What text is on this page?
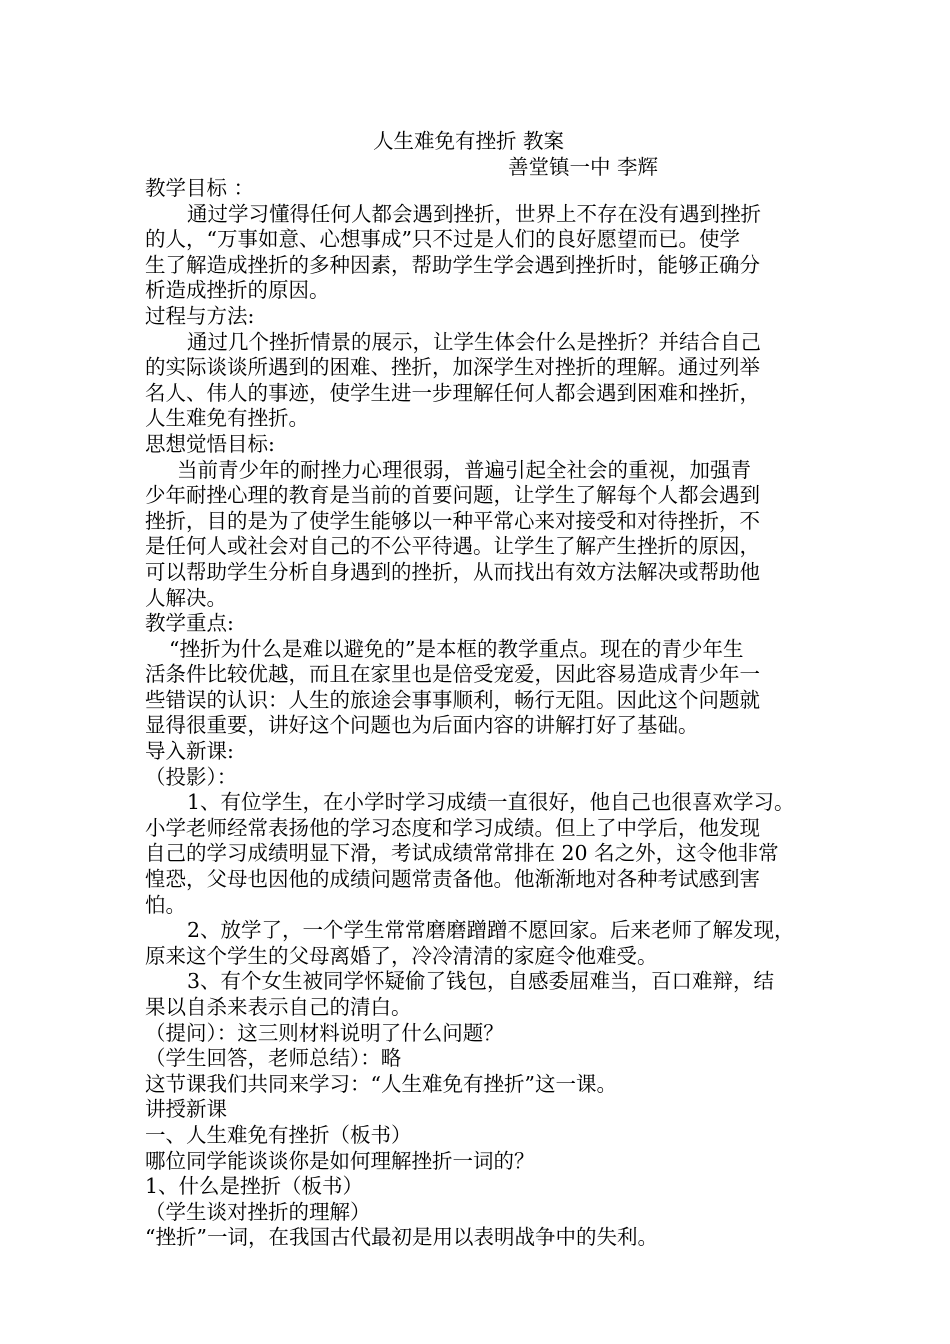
人生难免有挫折 教案
善堂镇一中 李辉
教学目标 ：
通过学习懂得任何人都会遇到挫折，世界上不存在没有遇到挫折
的人，“万事如意、心想事成”只不过是人们的良好愿望而已。使学
生了解造成挫折的多种因素，帮助学生学会遇到挫折时，能够正确分
析造成挫折的原因。
过程与方法:
通过几个挫折情景的展示，让学生体会什么是挫折？并结合自己
的实际谈谈所遇到的困难、挫折，加深学生对挫折的理解。通过列举
名人、伟人的事迹，使学生进一步理解任何人都会遇到困难和挫折，
人生难免有挫折。
思想觉悟目标:
当前青少年的耐挫力心理很弱，普遍引起全社会的重视，加强青
少年耐挫心理的教育是当前的首要问题，让学生了解每个人都会遇到
挫折，目的是为了使学生能够以一种平常心来对接受和对待挫折，不
是任何人或社会对自己的不公平待遇。让学生了解产生挫折的原因，
可以帮助学生分析自身遇到的挫折，从而找出有效方法解决或帮助他
人解决。
教学重点:
“挫折为什么是难以避免的”是本框的教学重点。现在的青少年生
活条件比较优越，而且在家里也是倍受宠爱，因此容易造成青少年一
些错误的认识：人生的旅途会事事顺利，畅行无阻。因此这个问题就
显得很重要，讲好这个问题也为后面内容的讲解打好了基础。
导入新课:
（投影）：
1、有位学生，在小学时学习成绩一直很好，他自己也很喜欢学习。
小学老师经常表扬他的学习态度和学习成绩。但上了中学后，他发现
自己的学习成绩明显下滑，考试成绩常常排在 20 名之外，这令他非常
惶恐，父母也因他的成绩问题常责备他。他渐渐地对各种考试感到害
怕。
2、放学了，一个学生常常磨磨蹭蹭不愿回家。后来老师了解发现，
原来这个学生的父母离婚了，冷冷清清的家庭令他难受。
3、有个女生被同学怀疑偷了钱包，自感委屈难当，百口难辩，结
果以自杀来表示自己的清白。
（提问）：这三则材料说明了什么问题？
（学生回答，老师总结）：略
这节课我们共同来学习：“人生难免有挫折”这一课。
讲授新课
一、人生难免有挫折（板书）
哪位同学能谈谈你是如何理解挫折一词的？
1、什么是挫折（板书）
（学生谈对挫折的理解）
“挫折”一词，在我国古代最初是用以表明战争中的失利。
